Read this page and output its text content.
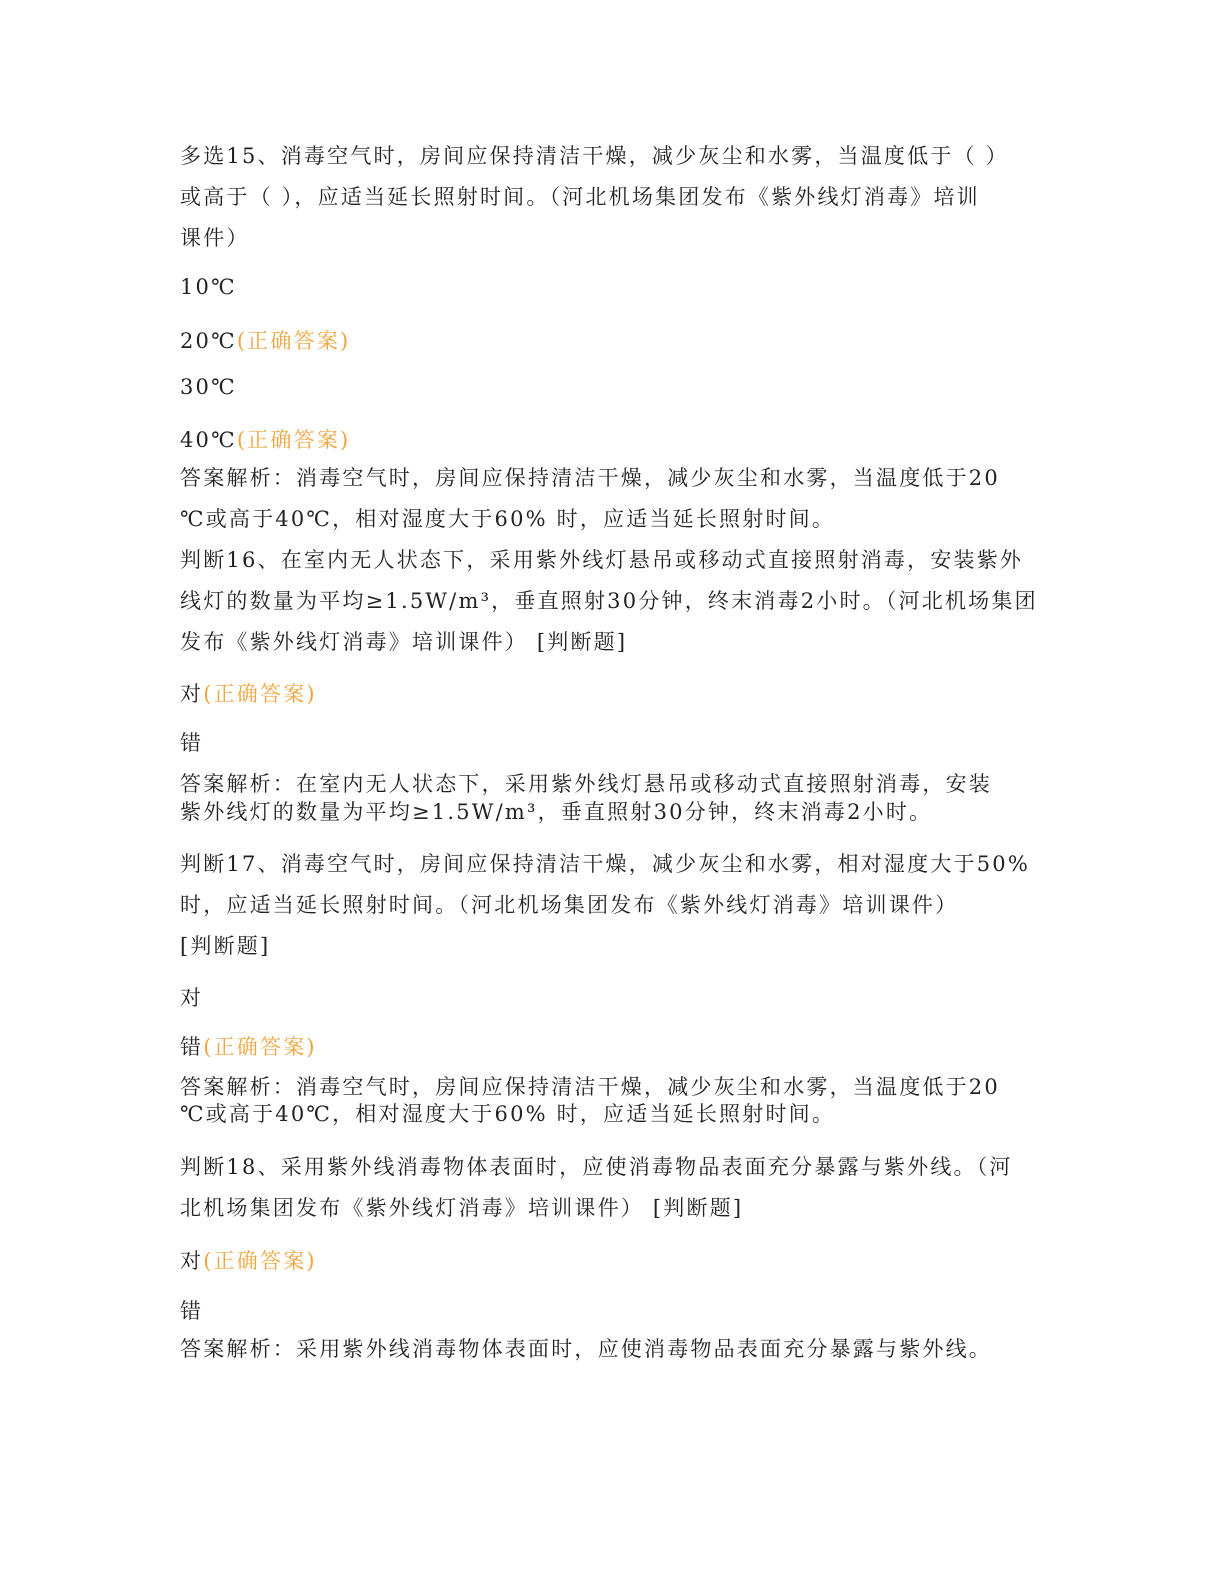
多选15、消毒空气时，房间应保持清洁干燥，减少灰尘和水雾，当温度低于（ ）
或高于（ ），应适当延长照射时间。（河北机场集团发布《紫外线灯消毒》培训
课件）
10℃
20℃(正确答案)
30℃
40℃(正确答案)
答案解析：消毒空气时，房间应保持清洁干燥，减少灰尘和水雾，当温度低于20
℃或高于40℃，相对湿度大于60% 时，应适当延长照射时间。
判断16、在室内无人状态下，采用紫外线灯悬吊或移动式直接照射消毒，安装紫外
线灯的数量为平均≥1.5W/m³，垂直照射30分钟，终末消毒2小时。（河北机场集团
发布《紫外线灯消毒》培训课件） [判断题]
对(正确答案)
错
答案解析：在室内无人状态下，采用紫外线灯悬吊或移动式直接照射消毒，安装
紫外线灯的数量为平均≥1.5W/m³，垂直照射30分钟，终末消毒2小时。
判断17、消毒空气时，房间应保持清洁干燥，减少灰尘和水雾，相对湿度大于50%
时，应适当延长照射时间。（河北机场集团发布《紫外线灯消毒》培训课件）
[判断题]
对
错(正确答案)
答案解析：消毒空气时，房间应保持清洁干燥，减少灰尘和水雾，当温度低于20
℃或高于40℃，相对湿度大于60% 时，应适当延长照射时间。
判断18、采用紫外线消毒物体表面时，应使消毒物品表面充分暴露与紫外线。（河
北机场集团发布《紫外线灯消毒》培训课件） [判断题]
对(正确答案)
错
答案解析：采用紫外线消毒物体表面时，应使消毒物品表面充分暴露与紫外线。
